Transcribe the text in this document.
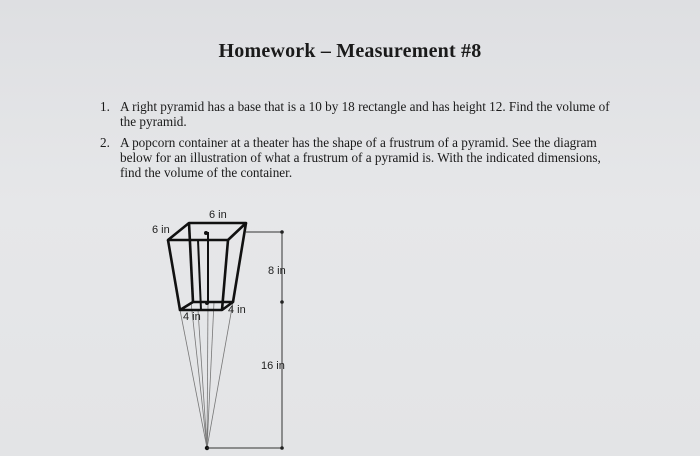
Homework – Measurement #8
1. A right pyramid has a base that is a 10 by 18 rectangle and has height 12. Find the volume of the pyramid.
2. A popcorn container at a theater has the shape of a frustrum of a pyramid. See the diagram below for an illustration of what a frustrum of a pyramid is. With the indicated dimensions, find the volume of the container.
6 in
6 in
8 in
4 in
4 in
16 in
